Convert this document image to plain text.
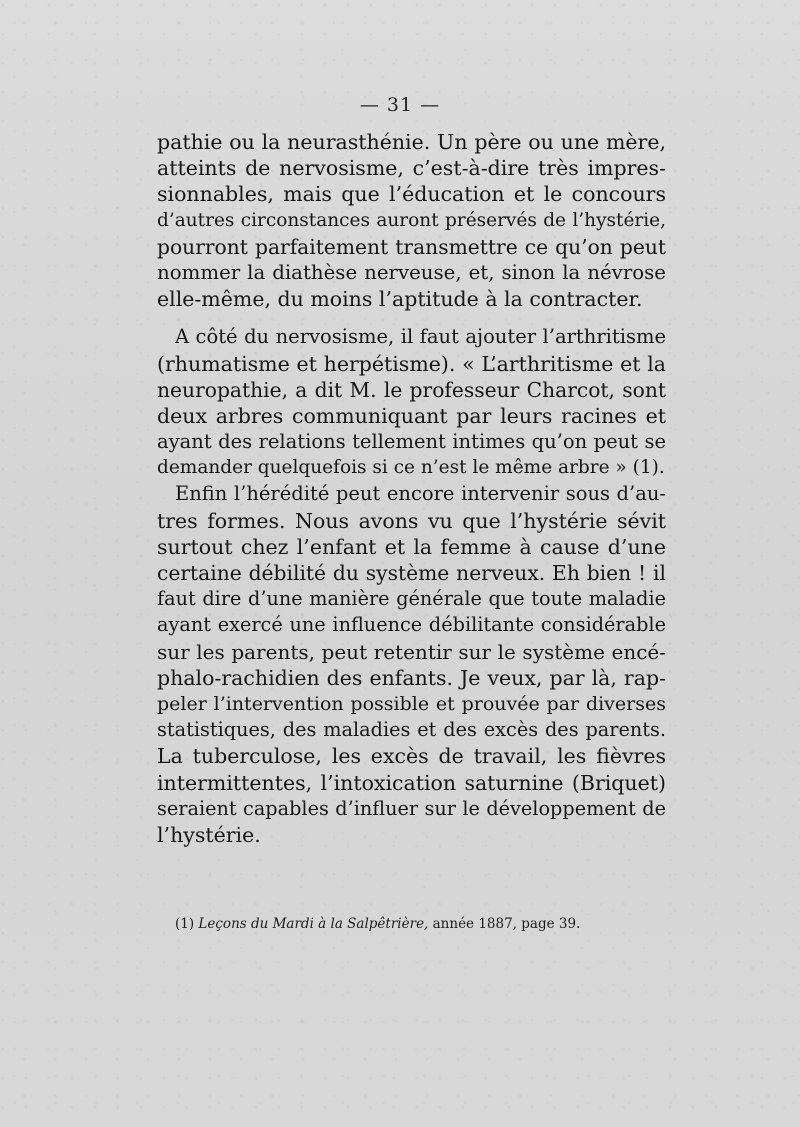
— 31 —
pathie ou la neurasthénie. Un père ou une mère,
atteints de nervosisme, c’est-à-dire très impres-
sionnables, mais que l’éducation et le concours
d’autres circonstances auront préservés de l’hystérie,
pourront parfaitement transmettre ce qu’on peut
nommer la diathèse nerveuse, et, sinon la névrose
elle-même, du moins l’aptitude à la contracter.
A côté du nervosisme, il faut ajouter l’arthritisme
(rhumatisme et herpétisme). « L’arthritisme et la
neuropathie, a dit M. le professeur Charcot, sont
deux arbres communiquant par leurs racines et
ayant des relations tellement intimes qu’on peut se
demander quelquefois si ce n’est le même arbre » (1).
Enfin l’hérédité peut encore intervenir sous d’au-
tres formes. Nous avons vu que l’hystérie sévit
surtout chez l’enfant et la femme à cause d’une
certaine débilité du système nerveux. Eh bien ! il
faut dire d’une manière générale que toute maladie
ayant exercé une influence débilitante considérable
sur les parents, peut retentir sur le système encé-
phalo-rachidien des enfants. Je veux, par là, rap-
peler l’intervention possible et prouvée par diverses
statistiques, des maladies et des excès des parents.
La tuberculose, les excès de travail, les fièvres
intermittentes, l’intoxication saturnine (Briquet)
seraient capables d’influer sur le développement de
l’hystérie.
(1) Leçons du Mardi à la Salpêtrière, année 1887, page 39.
